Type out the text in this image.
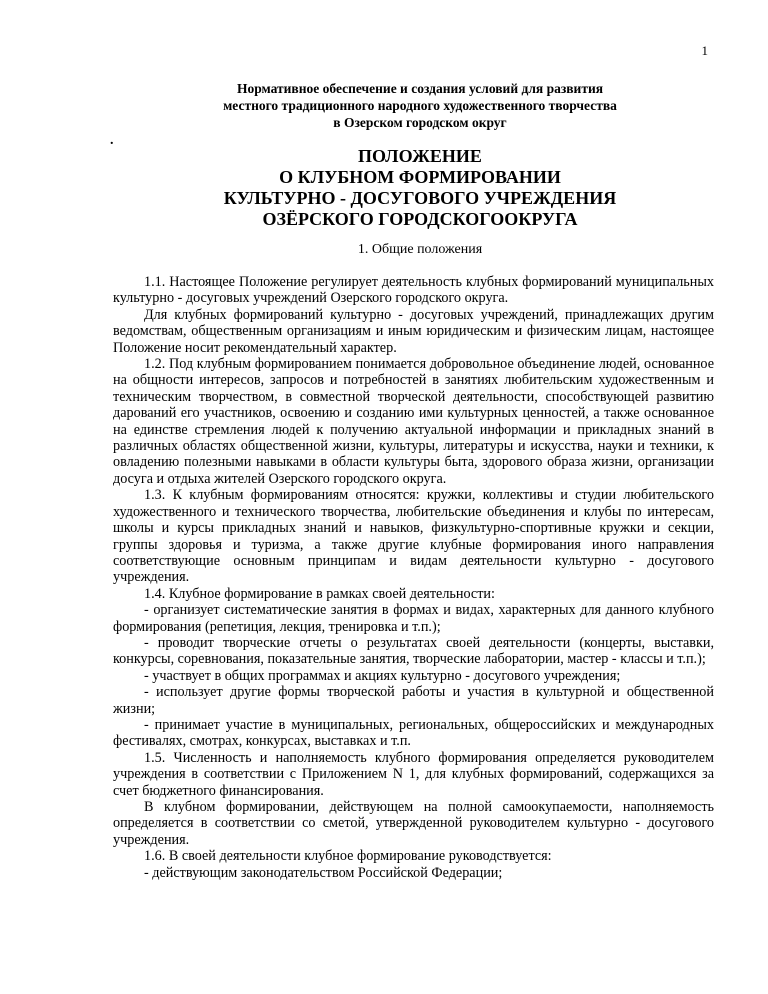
1
Нормативное обеспечение и создания условий для развития
местного традиционного народного художественного творчества
в Озерском городском округ
.
ПОЛОЖЕНИЕ
О КЛУБНОМ ФОРМИРОВАНИИ
КУЛЬТУРНО - ДОСУГОВОГО УЧРЕЖДЕНИЯ
ОЗЁРСКОГО ГОРОДСКОГООКРУГА
1. Общие положения

1.1. Настоящее Положение регулирует деятельность клубных формирований муниципальных культурно - досуговых учреждений Озерского городского округа.

Для клубных формирований культурно - досуговых учреждений, принадлежащих другим ведомствам, общественным организациям и иным юридическим и физическим лицам, настоящее Положение носит рекомендательный характер.

1.2. Под клубным формированием понимается добровольное объединение людей, основанное на общности интересов, запросов и потребностей в занятиях любительским художественным и техническим творчеством, в совместной творческой деятельности, способствующей развитию дарований его участников, освоению и созданию ими культурных ценностей, а также основанное на единстве стремления людей к получению актуальной информации и прикладных знаний в различных областях общественной жизни, культуры, литературы и искусства, науки и техники, к овладению полезными навыками в области культуры быта, здорового образа жизни, организации досуга и отдыха жителей Озерского городского округа.

1.3. К клубным формированиям относятся: кружки, коллективы и студии любительского художественного и технического творчества, любительские объединения и клубы по интересам, школы и курсы прикладных знаний и навыков, физкультурно-спортивные кружки и секции, группы здоровья и туризма, а также другие клубные формирования иного направления соответствующие основным принципам и видам деятельности культурно - досугового учреждения.

1.4. Клубное формирование в рамках своей деятельности:

- организует систематические занятия в формах и видах, характерных для данного клубного формирования (репетиция, лекция, тренировка и т.п.);

- проводит творческие отчеты о результатах своей деятельности (концерты, выставки, конкурсы, соревнования, показательные занятия, творческие лаборатории, мастер - классы и т.п.);

- участвует в общих программах и акциях культурно - досугового учреждения;

- использует другие формы творческой работы и участия в культурной и общественной жизни;

- принимает участие в муниципальных, региональных, общероссийских и международных фестивалях, смотрах, конкурсах, выставках и т.п.

1.5. Численность и наполняемость клубного формирования определяется руководителем учреждения в соответствии с Приложением N 1, для клубных формирований, содержащихся за счет бюджетного финансирования.

В клубном формировании, действующем на полной самоокупаемости, наполняемость определяется в соответствии со сметой, утвержденной руководителем культурно - досугового учреждения.

1.6. В своей деятельности клубное формирование руководствуется:

- действующим законодательством Российской Федерации;
